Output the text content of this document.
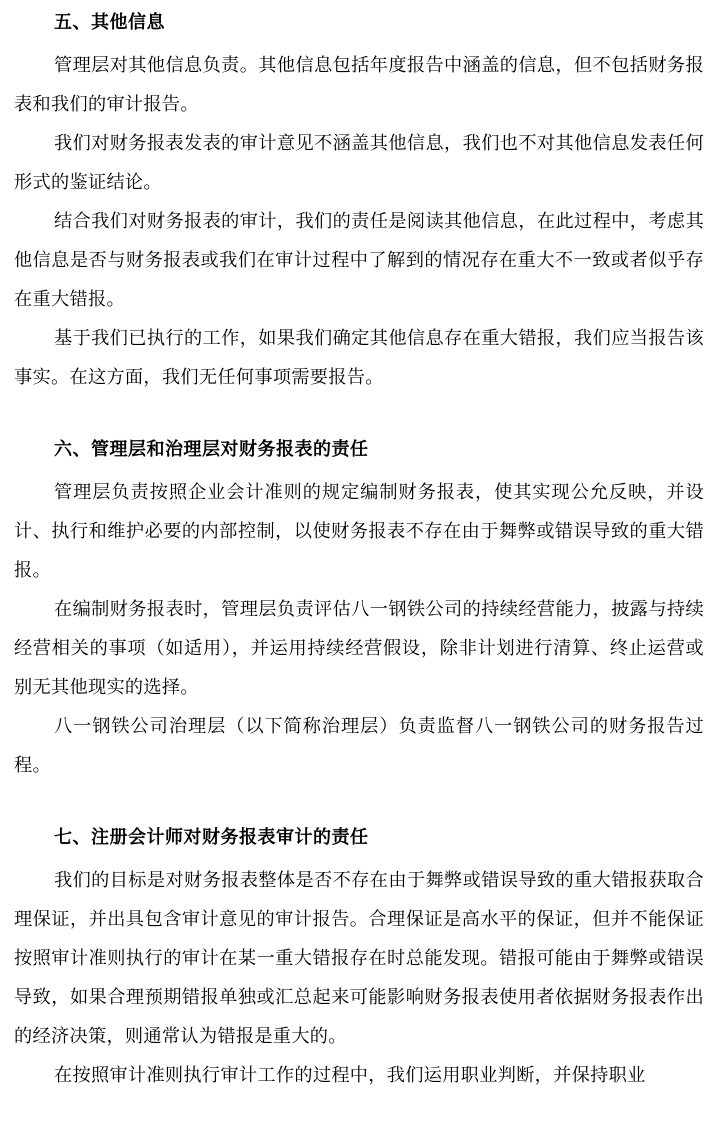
五、其他信息

管理层对其他信息负责。其他信息包括年度报告中涵盖的信息，但不包括财务报表和我们的审计报告。

我们对财务报表发表的审计意见不涵盖其他信息，我们也不对其他信息发表任何形式的鉴证结论。

结合我们对财务报表的审计，我们的责任是阅读其他信息，在此过程中，考虑其他信息是否与财务报表或我们在审计过程中了解到的情况存在重大不一致或者似乎存在重大错报。

基于我们已执行的工作，如果我们确定其他信息存在重大错报，我们应当报告该事实。在这方面，我们无任何事项需要报告。

六、管理层和治理层对财务报表的责任

管理层负责按照企业会计准则的规定编制财务报表，使其实现公允反映，并设计、执行和维护必要的内部控制，以使财务报表不存在由于舞弊或错误导致的重大错报。

在编制财务报表时，管理层负责评估八一钢铁公司的持续经营能力，披露与持续经营相关的事项（如适用），并运用持续经营假设，除非计划进行清算、终止运营或别无其他现实的选择。

八一钢铁公司治理层（以下简称治理层）负责监督八一钢铁公司的财务报告过程。

七、注册会计师对财务报表审计的责任

我们的目标是对财务报表整体是否不存在由于舞弊或错误导致的重大错报获取合理保证，并出具包含审计意见的审计报告。合理保证是高水平的保证，但并不能保证按照审计准则执行的审计在某一重大错报存在时总能发现。错报可能由于舞弊或错误导致，如果合理预期错报单独或汇总起来可能影响财务报表使用者依据财务报表作出的经济决策，则通常认为错报是重大的。

在按照审计准则执行审计工作的过程中，我们运用职业判断，并保持职业
